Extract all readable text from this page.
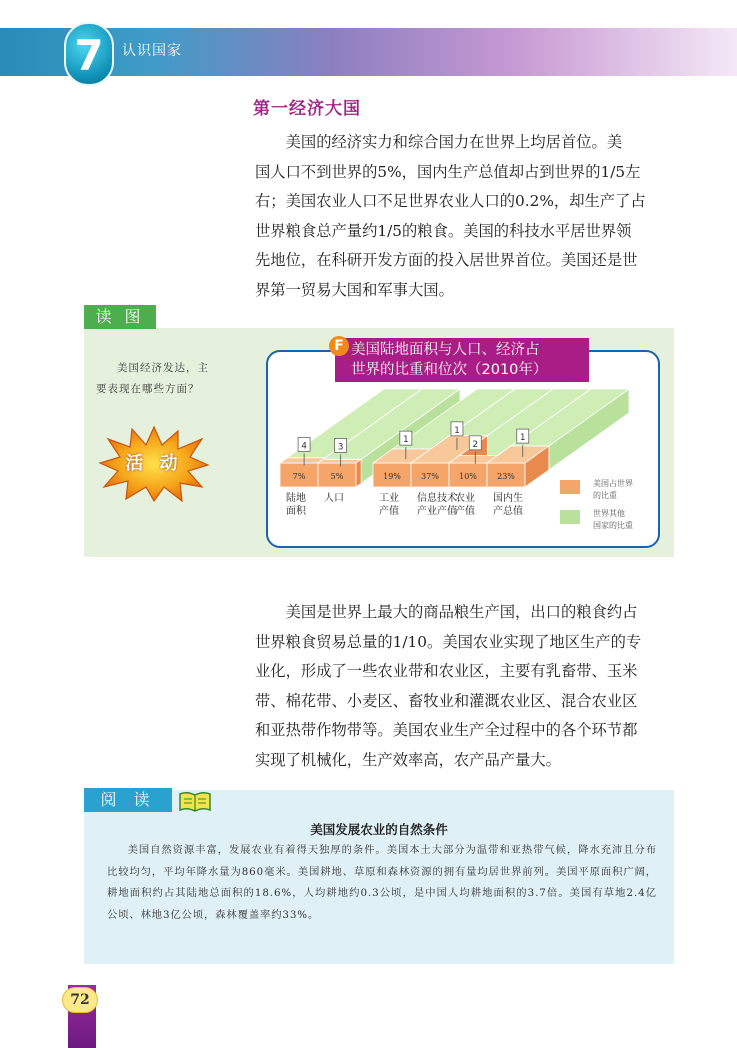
认识国家
7
第一经济大国
美国的经济实力和综合国力在世界上均居首位。美
国人口不到世界的5%，国内生产总值却占到世界的1/5左
右；美国农业人口不足世界农业人口的0.2%，却生产了占
世界粮食总产量约1/5的粮食。美国的科技水平居世界领
先地位，在科研开发方面的投入居世界首位。美国还是世
界第一贸易大国和军事大国。
读 图
美国经济发达，主
要表现在哪些方面？
活 动
7%
4
陆地
面积
5%
3
人口
19%
1
工业
产值
37%
1
信息技术
产业产值
10%
2
农业
产值
23%
1
国内生
产总值
美国占世界
的比重
世界其他
国家的比重
美国陆地面积与人口、经济占
世界的比重和位次（2010年）
F
美国是世界上最大的商品粮生产国，出口的粮食约占
世界粮食贸易总量的1/10。美国农业实现了地区生产的专
业化，形成了一些农业带和农业区，主要有乳畜带、玉米
带、棉花带、小麦区、畜牧业和灌溉农业区、混合农业区
和亚热带作物带等。美国农业生产全过程中的各个环节都
实现了机械化，生产效率高，农产品产量大。
阅 读
美国发展农业的自然条件
美国自然资源丰富，发展农业有着得天独厚的条件。美国本土大部分为温带和亚热带气候，降水充沛且分布比较均匀，平均年降水量为860毫米。美国耕地、草原和森林资源的拥有量均居世界前列。美国平原面积广阔，耕地面积约占其陆地总面积的18.6%，人均耕地约0.3公顷，是中国人均耕地面积的3.7倍。美国有草地2.4亿公顷、林地3亿公顷，森林覆盖率约33%。
72
